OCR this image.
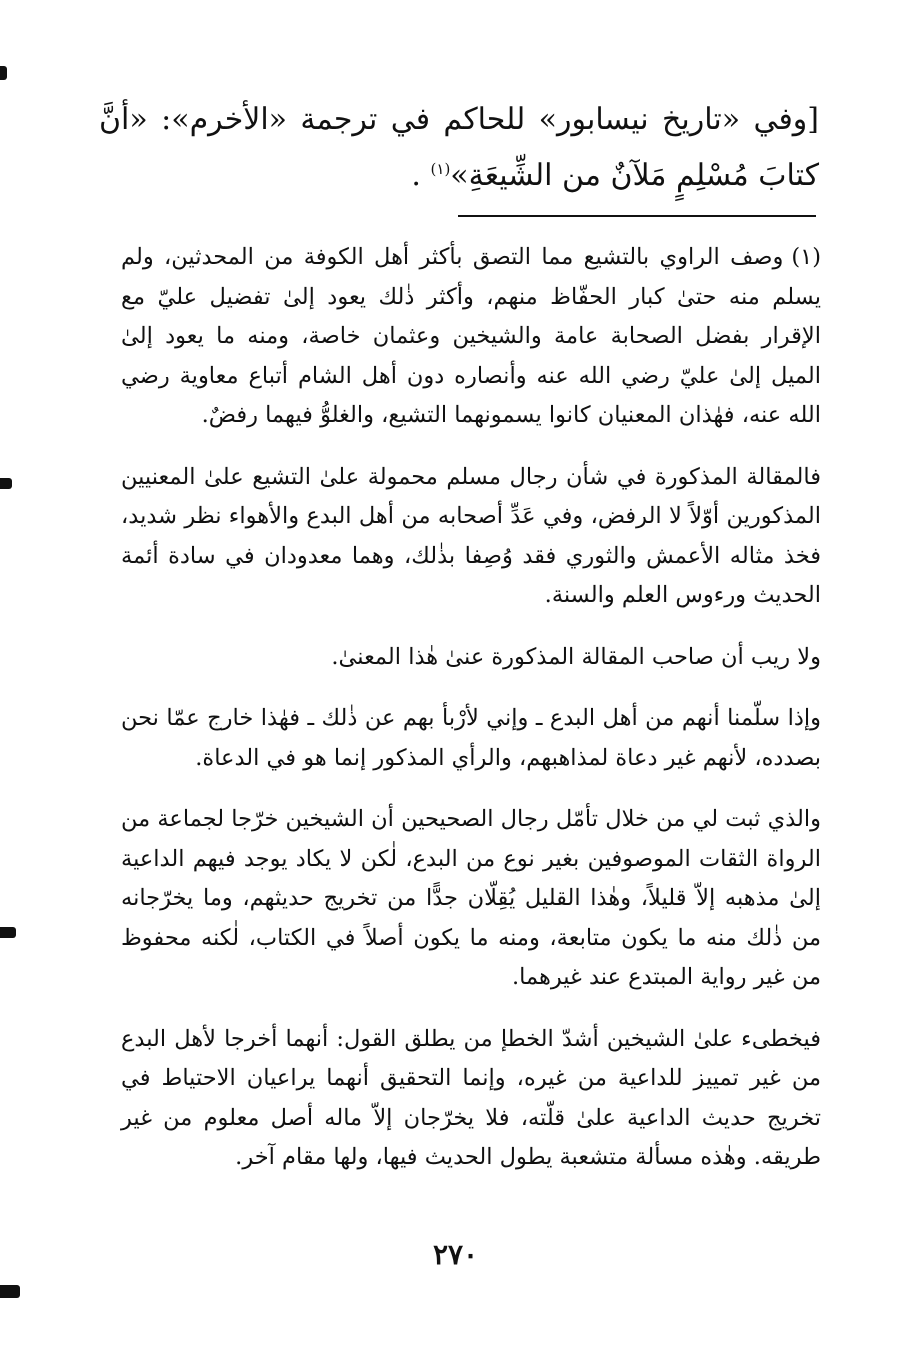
[وفي «تاريخ نيسابور» للحاكم في ترجمة «الأخرم»: «أنَّ كتابَ مُسْلِمٍ مَلآنٌ من الشِّيعَةِ»$^{(١)}$ .

(١)وصف الراوي بالتشيع مما التصق بأكثر أهل الكوفة من المحدثين، ولم يسلم منه حتىٰ كبار الحفّاظ منهم، وأكثر ذٰلك يعود إلىٰ تفضيل عليّ مع الإقرار بفضل الصحابة عامة والشيخين وعثمان خاصة، ومنه ما يعود إلىٰ الميل إلىٰ عليّ رضي الله عنه وأنصاره دون أهل الشام أتباع معاوية رضي الله عنه، فهٰذان المعنيان كانوا يسمونهما التشيع، والغلوُّ فيهما رفضٌ.

فالمقالة المذكورة في شأن رجال مسلم محمولة علىٰ التشيع علىٰ المعنيين المذكورين أوّلاً لا الرفض، وفي عَدِّ أصحابه من أهل البدع والأهواء نظر شديد، فخذ مثاله الأعمش والثوري فقد وُصِفا بذٰلك، وهما معدودان في سادة أئمة الحديث ورءوس العلم والسنة.

ولا ريب أن صاحب المقالة المذكورة عنىٰ هٰذا المعنىٰ.

وإذا سلّمنا أنهم من أهل البدع ـ وإني لأرْبأ بهم عن ذٰلك ـ فهٰذا خارج عمّا نحن بصدده، لأنهم غير دعاة لمذاهبهم، والرأي المذكور إنما هو في الدعاة.

والذي ثبت لي من خلال تأمّل رجال الصحيحين أن الشيخين خرّجا لجماعة من الرواة الثقات الموصوفين بغير نوع من البدع، لٰكن لا يكاد يوجد فيهم الداعية إلىٰ مذهبه إلاّ قليلاً، وهٰذا القليل يُقِلّان جدًّا من تخريج حديثهم، وما يخرّجانه من ذٰلك منه ما يكون متابعة، ومنه ما يكون أصلاً في الكتاب، لٰكنه محفوظ من غير رواية المبتدع عند غيرهما.

فيخطىء علىٰ الشيخين أشدّ الخطإ من يطلق القول: أنهما أخرجا لأهل البدع من غير تمييز للداعية من غيره، وإنما التحقيق أنهما يراعيان الاحتياط في تخريج حديث الداعية علىٰ قلّته، فلا يخرّجان إلاّ ماله أصل معلوم من غير طريقه. وهٰذه مسألة متشعبة يطول الحديث فيها، ولها مقام آخر.

٢٧٠
